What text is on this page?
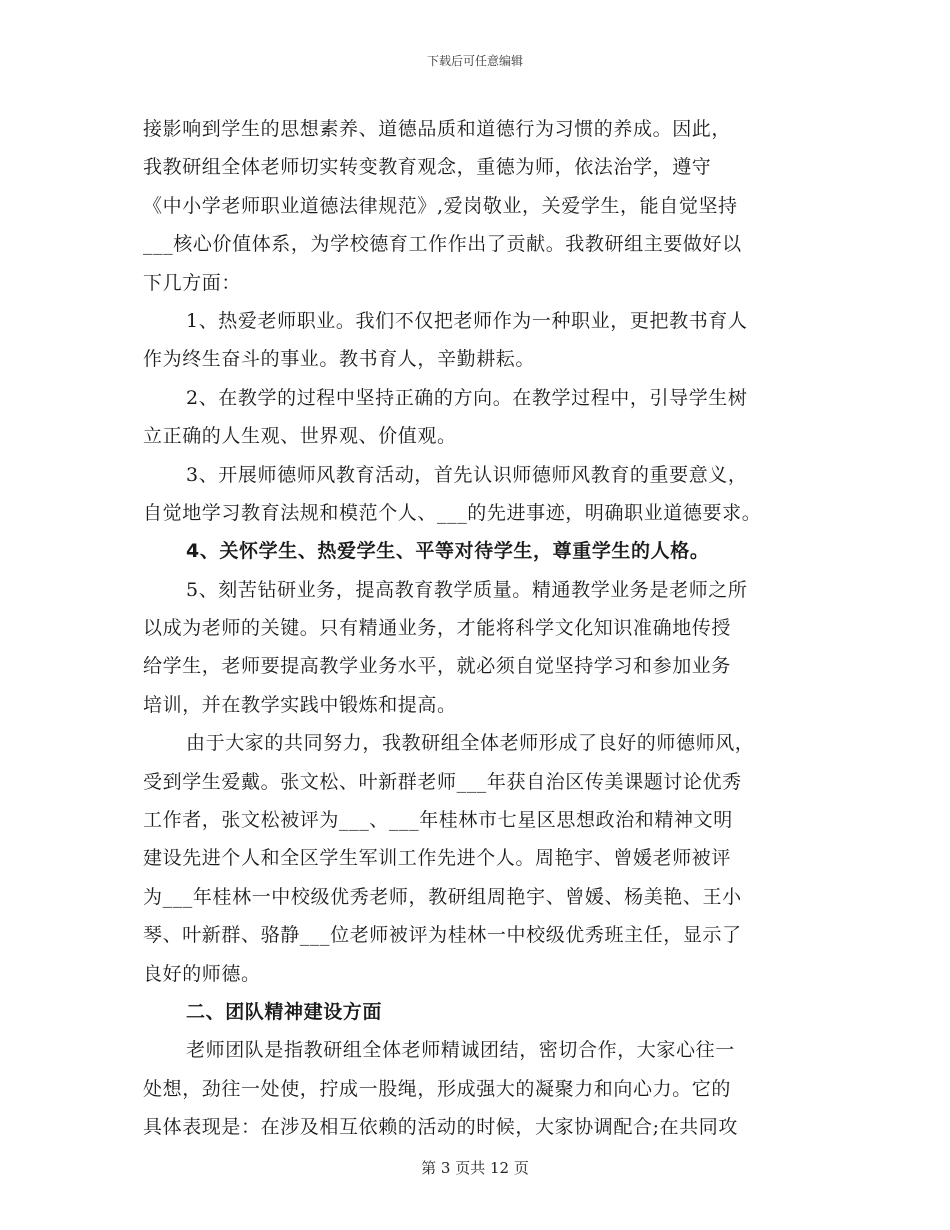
下载后可任意编辑
接影响到学生的思想素养、道德品质和道德行为习惯的养成。因此，
我教研组全体老师切实转变教育观念，重德为师，依法治学，遵守
《中小学老师职业道德法律规范》,爱岗敬业，关爱学生，能自觉坚持
___核心价值体系，为学校德育工作作出了贡献。我教研组主要做好以
下几方面：
1、热爱老师职业。我们不仅把老师作为一种职业，更把教书育人
作为终生奋斗的事业。教书育人，辛勤耕耘。
2、在教学的过程中坚持正确的方向。在教学过程中，引导学生树
立正确的人生观、世界观、价值观。
3、开展师德师风教育活动，首先认识师德师风教育的重要意义，
自觉地学习教育法规和模范个人、___的先进事迹，明确职业道德要求。
4、关怀学生、热爱学生、平等对待学生，尊重学生的人格。
5、刻苦钻研业务，提高教育教学质量。精通教学业务是老师之所
以成为老师的关键。只有精通业务，才能将科学文化知识准确地传授
给学生，老师要提高教学业务水平，就必须自觉坚持学习和参加业务
培训，并在教学实践中锻炼和提高。
由于大家的共同努力，我教研组全体老师形成了良好的师德师风，
受到学生爱戴。张文松、叶新群老师___年获自治区传美课题讨论优秀
工作者，张文松被评为___、___年桂林市七星区思想政治和精神文明
建设先进个人和全区学生军训工作先进个人。周艳宇、曾媛老师被评
为___年桂林一中校级优秀老师，教研组周艳宇、曾媛、杨美艳、王小
琴、叶新群、骆静___位老师被评为桂林一中校级优秀班主任，显示了
良好的师德。
二、团队精神建设方面
老师团队是指教研组全体老师精诚团结，密切合作，大家心往一
处想，劲往一处使，拧成一股绳，形成强大的凝聚力和向心力。它的
具体表现是：在涉及相互依赖的活动的时候，大家协调配合;在共同攻
第 3 页共 12 页
